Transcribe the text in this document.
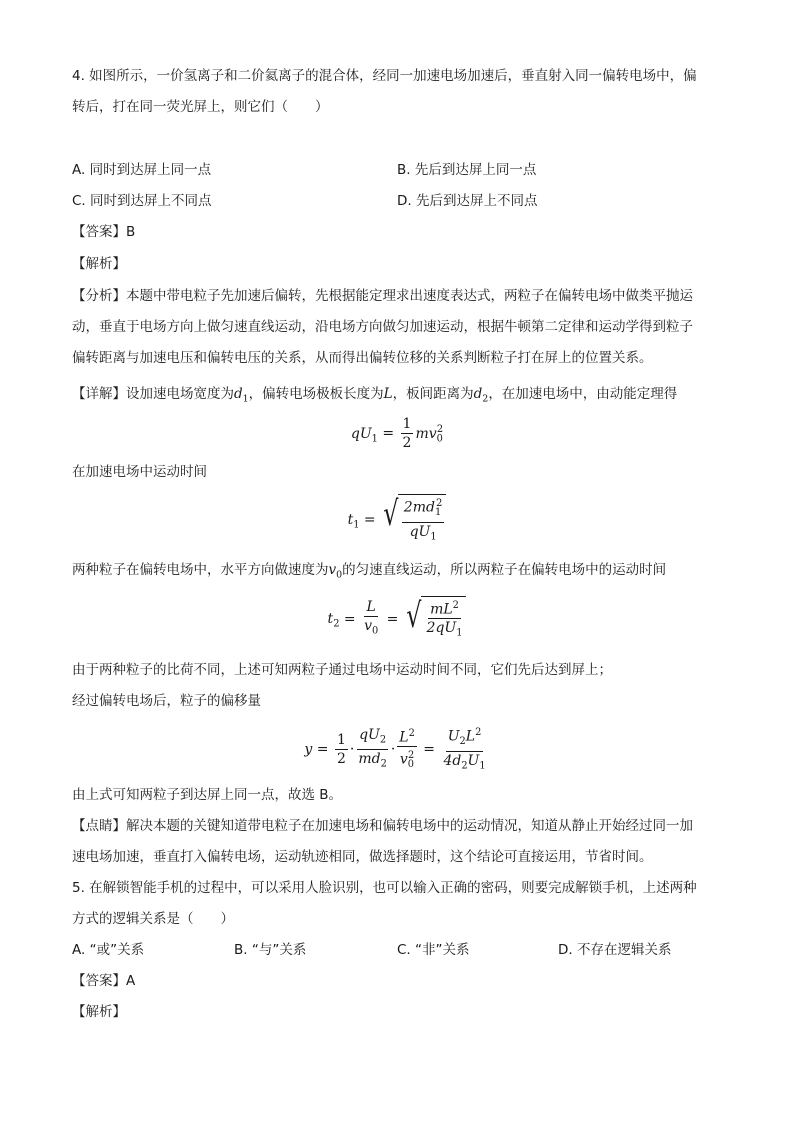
4. 如图所示，一价氢离子和二价氦离子的混合体，经同一加速电场加速后，垂直射入同一偏转电场中，偏
转后，打在同一荧光屏上，则它们（　　）
A. 同时到达屏上同一点	B. 先后到达屏上同一点
C. 同时到达屏上不同点	D. 先后到达屏上不同点
【答案】B
【解析】
【分析】本题中带电粒子先加速后偏转，先根据能定理求出速度表达式，两粒子在偏转电场中做类平抛运
动，垂直于电场方向上做匀速直线运动，沿电场方向做匀加速运动，根据牛顿第二定律和运动学得到粒子
偏转距离与加速电压和偏转电压的关系，从而得出偏转位移的关系判断粒子打在屏上的位置关系。
【详解】设加速电场宽度为$d_1$，偏转电场极板长度为L，板间距离为$d_2$，在加速电场中，由动能定理得
$qU_1 = \frac{1}{2} mv_0^2$
在加速电场中运动时间
$t_1$ = √ $\frac{2md_1^2}{qU_1}$
两种粒子在偏转电场中，水平方向做速度为$v_0$的匀速直线运动，所以两粒子在偏转电场中的运动时间
$t_2 = \frac{L}{v_0}$ = √ $\frac{mL^2}{2qU_1}$
由于两种粒子的比荷不同，上述可知两粒子通过电场中运动时间不同，它们先后达到屏上；
经过偏转电场后，粒子的偏移量
$y = \frac{1}{2} \cdot \frac{qU_2}{md_2} \cdot \frac{L^2}{v_0^2} = \frac{U_2L^2}{4d_2U_1}$
由上式可知两粒子到达屏上同一点，故选 B。
【点睛】解决本题的关键知道带电粒子在加速电场和偏转电场中的运动情况，知道从静止开始经过同一加
速电场加速，垂直打入偏转电场，运动轨迹相同，做选择题时，这个结论可直接运用，节省时间。
5. 在解锁智能手机的过程中，可以采用人脸识别，也可以输入正确的密码，则要完成解锁手机，上述两种
方式的逻辑关系是（　　）
A. “或”关系	B. “与”关系	C. “非”关系	D. 不存在逻辑关系
【答案】A
【解析】
